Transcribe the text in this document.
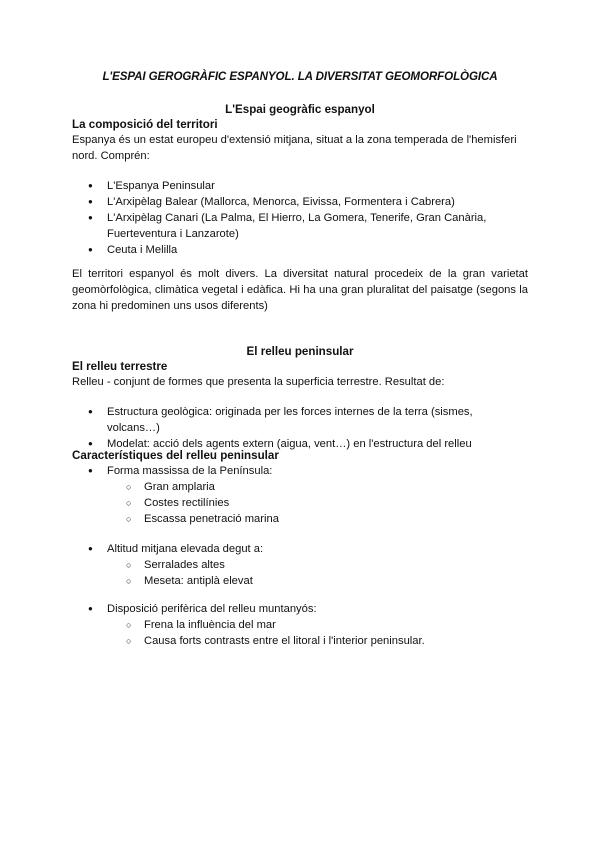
L'ESPAI GEROGRÀFIC ESPANYOL. LA DIVERSITAT GEOMORFOLÒGICA
L'Espai geogràfic espanyol
La composició del territori
Espanya és un estat europeu d'extensió mitjana, situat a la zona temperada de l'hemisferi nord. Comprén:
● L'Espanya Peninsular
● L'Arxipèlag Balear (Mallorca, Menorca, Eivissa, Formentera i Cabrera)
● L'Arxipèlag Canari (La Palma, El Hierro, La Gomera, Tenerife, Gran Canària, Fuerteventura i Lanzarote)
● Ceuta i Melilla
El territori espanyol és molt divers. La diversitat natural procedeix de la gran varietat geomòrfològica, climàtica vegetal i edàfica. Hi ha una gran pluralitat del paisatge (segons la zona hi predominen uns usos diferents)
El relleu peninsular
El relleu terrestre
Relleu - conjunt de formes que presenta la superficia terrestre. Resultat de:
● Estructura geològica: originada per les forces internes de la terra (sismes, volcans…)
● Modelat: acció dels agents extern (aigua, vent…) en l'estructura del relleu
Característiques del relleu peninsular
● Forma massissa de la Península:
○ Gran amplaria
○ Costes rectilínies
○ Escassa penetració marina
● Altitud mitjana elevada degut a:
○ Serralades altes
○ Meseta: antiplà elevat
● Disposició perifèrica del relleu muntanyós:
○ Frena la influència del mar
○ Causa forts contrasts entre el litoral i l'interior peninsular.
